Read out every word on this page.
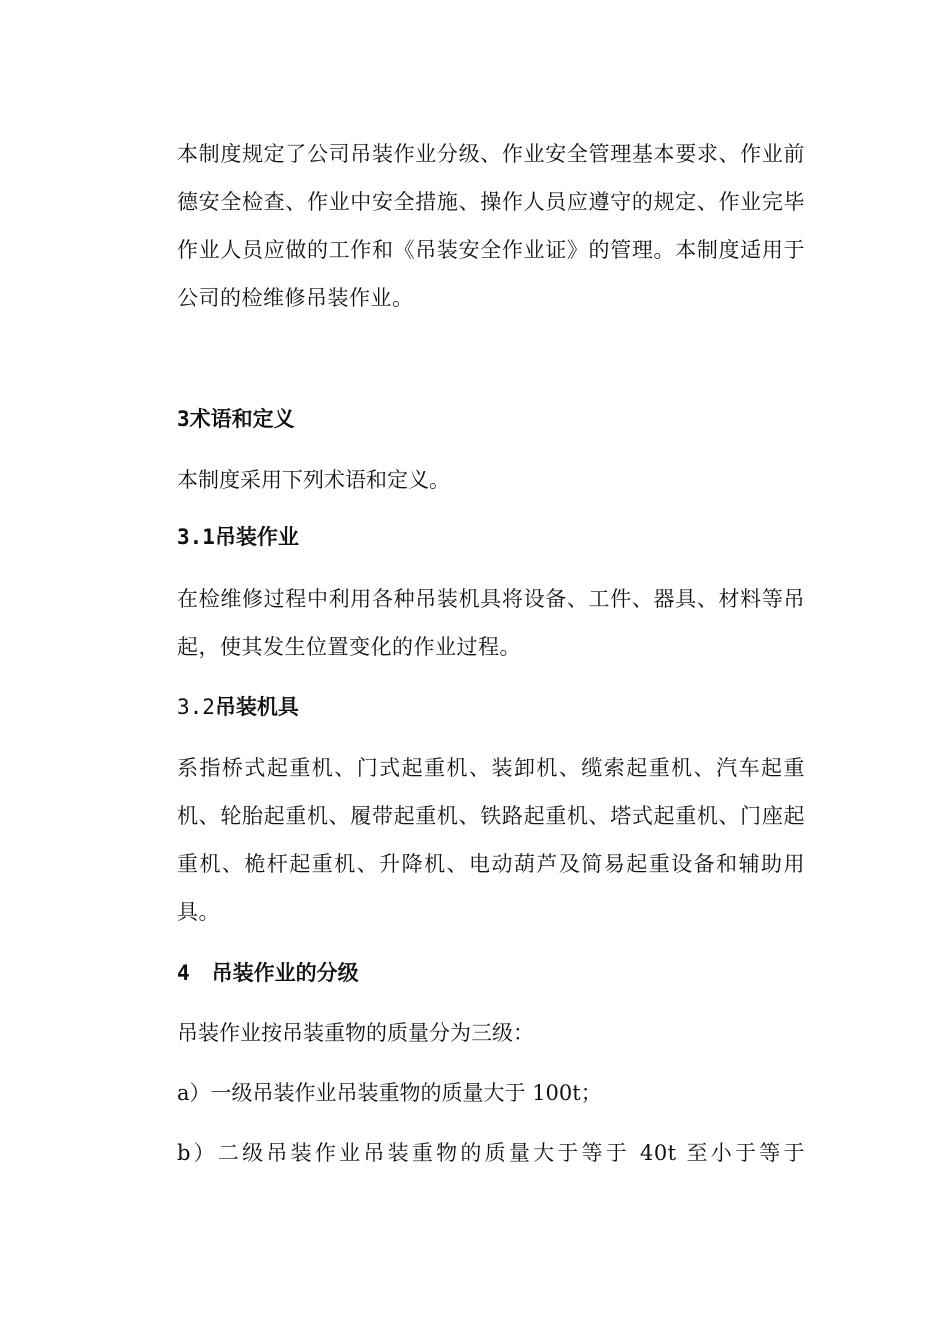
本制度规定了公司吊装作业分级、作业安全管理基本要求、作业前德安全检查、作业中安全措施、操作人员应遵守的规定、作业完毕作业人员应做的工作和《吊装安全作业证》的管理。本制度适用于公司的检维修吊装作业。

3术语和定义

本制度采用下列术语和定义。

3.1吊装作业

在检维修过程中利用各种吊装机具将设备、工件、器具、材料等吊起，使其发生位置变化的作业过程。

3.2吊装机具

系指桥式起重机、门式起重机、装卸机、缆索起重机、汽车起重机、轮胎起重机、履带起重机、铁路起重机、塔式起重机、门座起重机、桅杆起重机、升降机、电动葫芦及简易起重设备和辅助用具。

4 吊装作业的分级

吊装作业按吊装重物的质量分为三级：

a）一级吊装作业吊装重物的质量大于 100t；

b）二级吊装作业吊装重物的质量大于等于 40t 至小于等于
